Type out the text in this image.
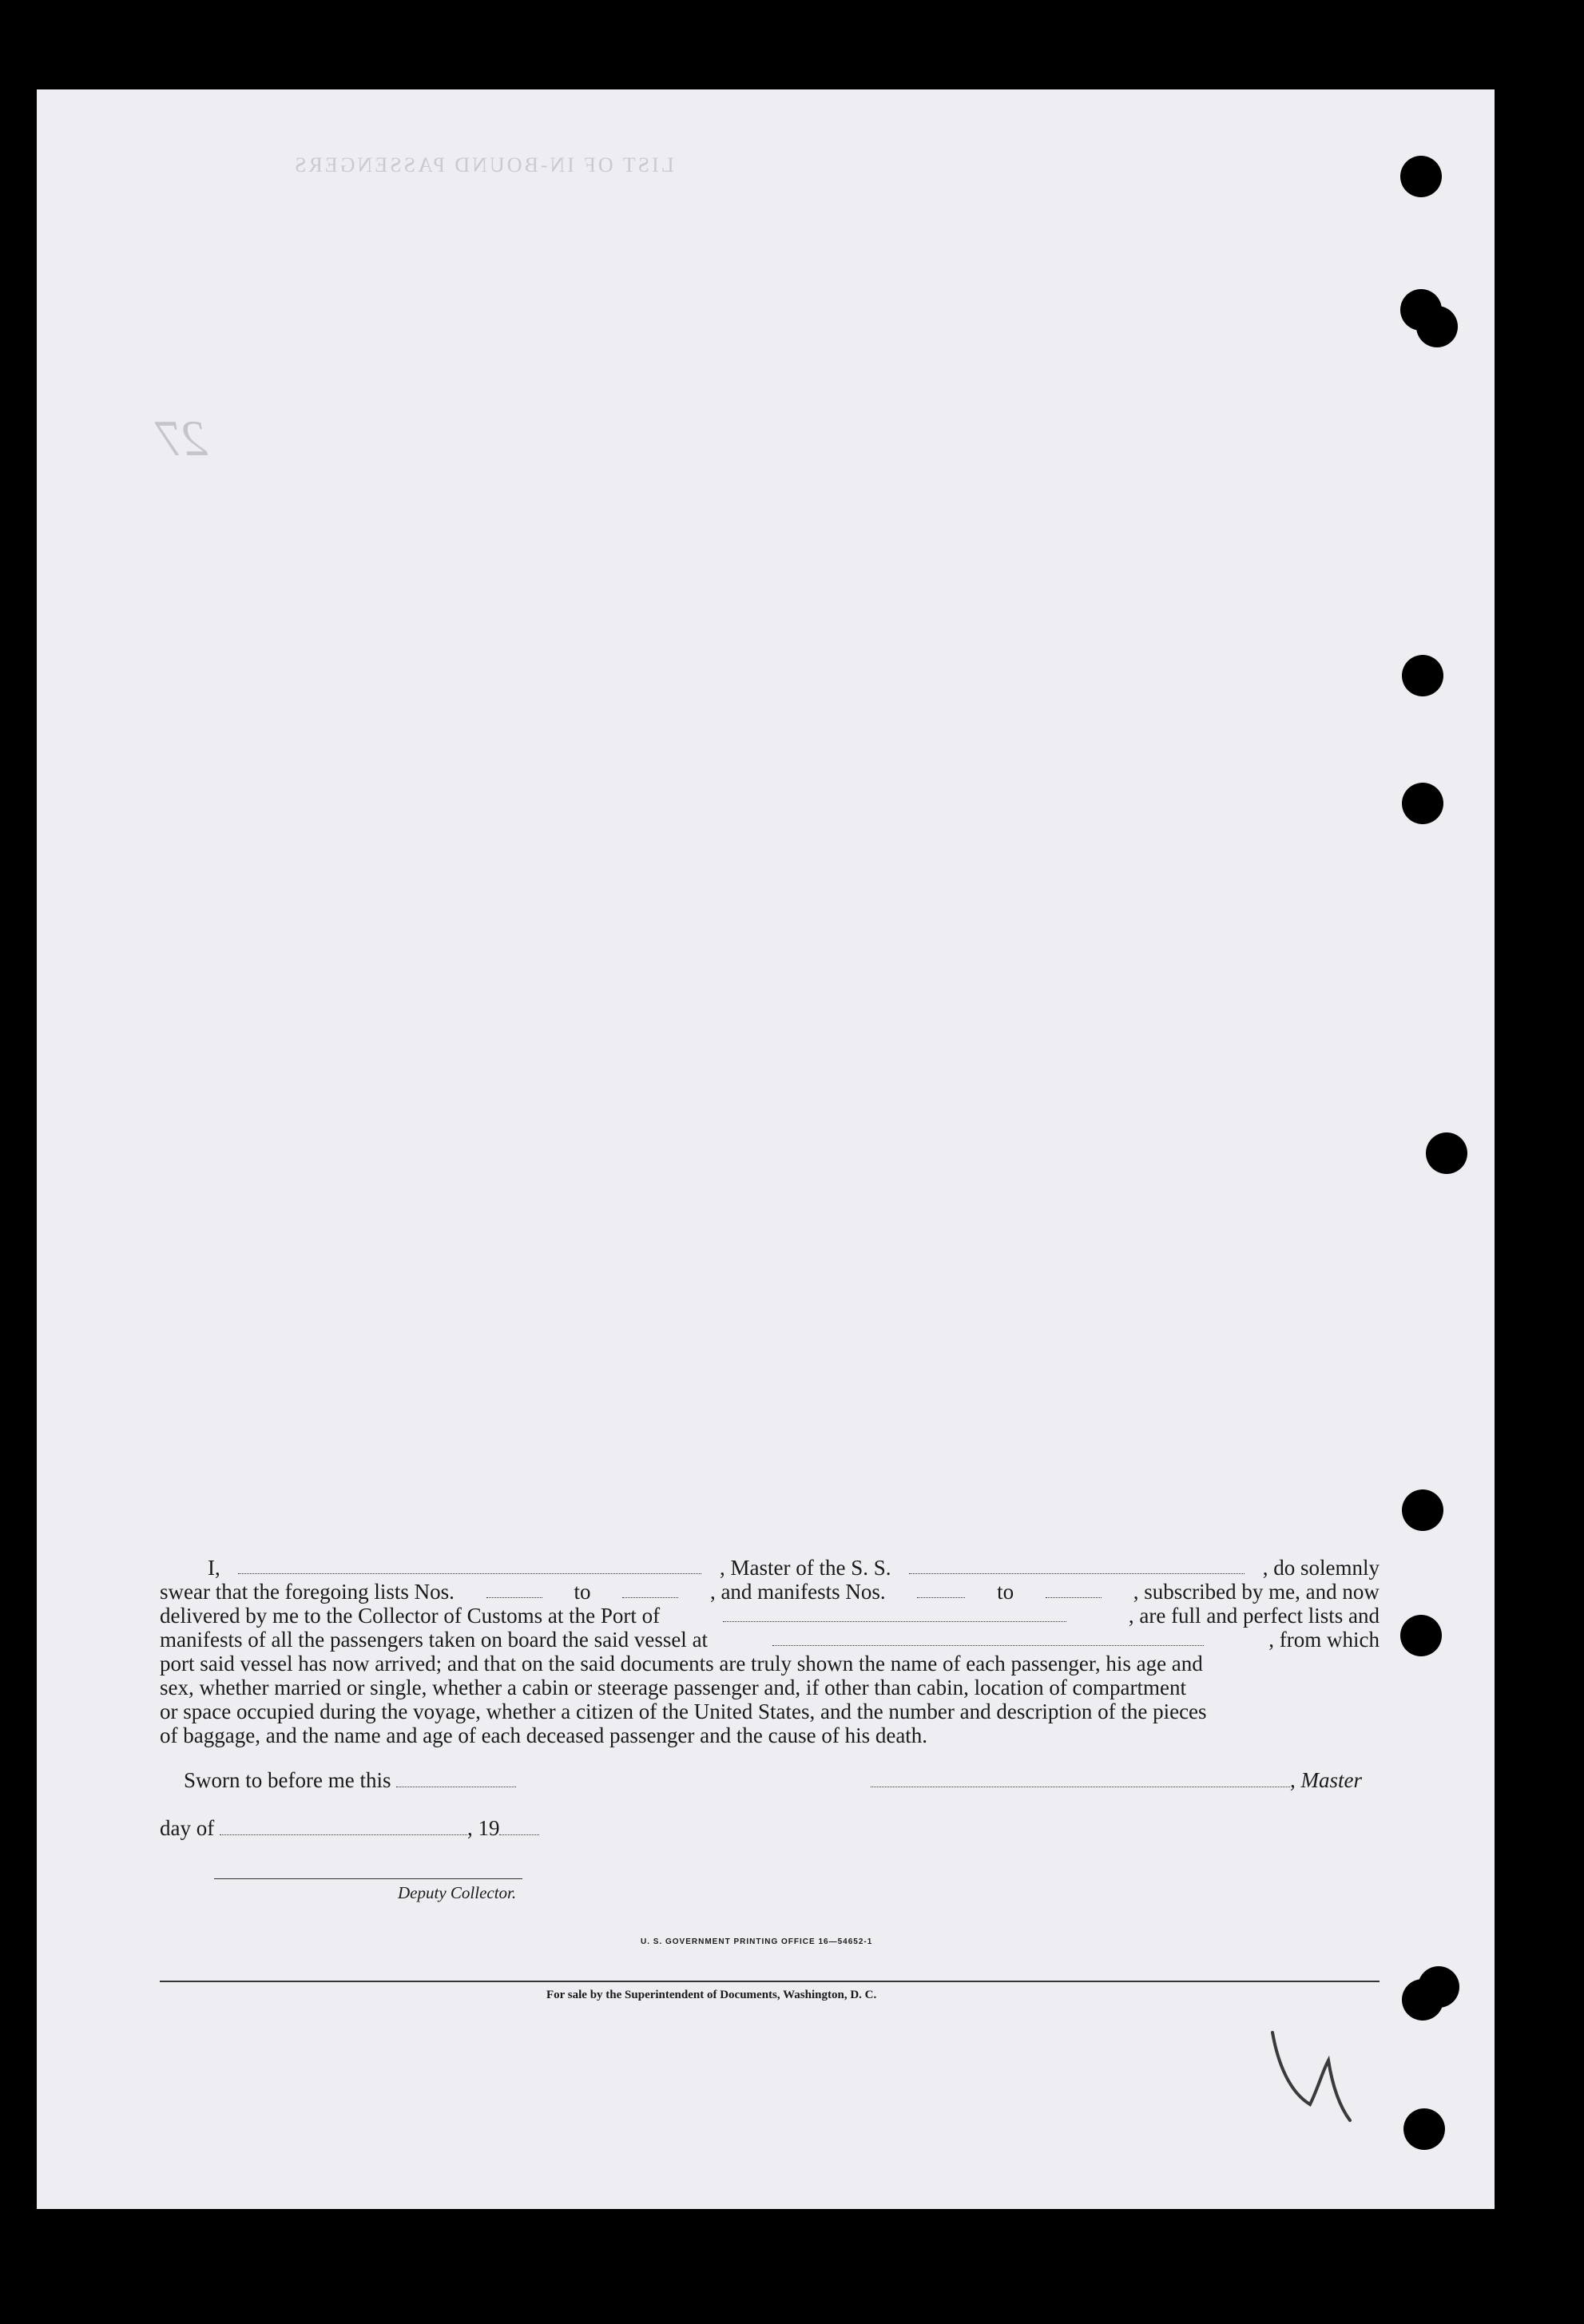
LIST OF IN-BOUND PASSENGERS
27
I,	, Master of the S. S.	, do solemnly
swear that the foregoing lists Nos.	to	, and manifests Nos.	to	, subscribed by me, and now
delivered by me to the Collector of Customs at the Port of	, are full and perfect lists and
manifests of all the passengers taken on board the said vessel at	, from which
port said vessel has now arrived; and that on the said documents are truly shown the name of each passenger, his age and
sex, whether married or single, whether a cabin or steerage passenger and, if other than cabin, location of compartment
or space occupied during the voyage, whether a citizen of the United States, and the number and description of the pieces
of baggage, and the name and age of each deceased passenger and the cause of his death.
Sworn to before me this	, Master
day of	, 19
Deputy Collector.
U. S. GOVERNMENT PRINTING OFFICE 16—54652-1
For sale by the Superintendent of Documents, Washington, D. C.
